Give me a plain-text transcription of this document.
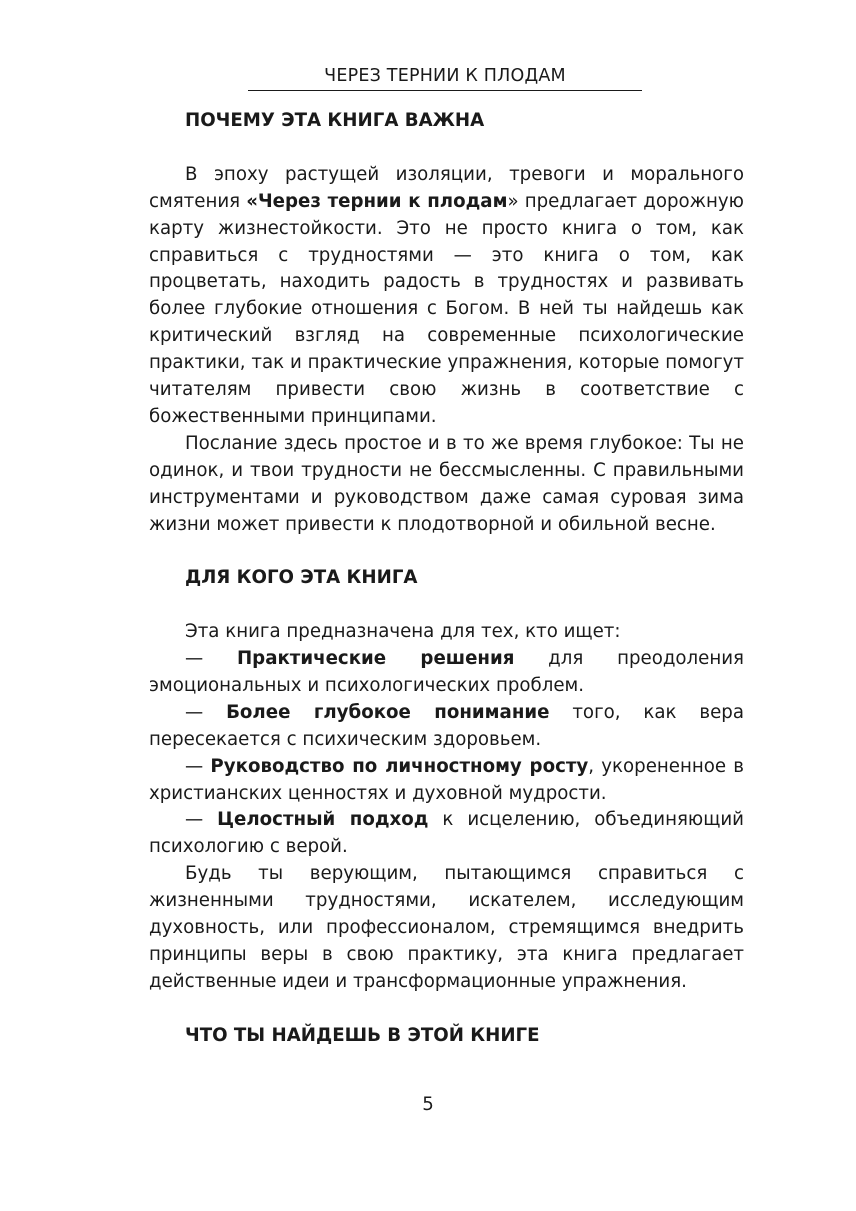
ЧЕРЕЗ ТЕРНИИ К ПЛОДАМ
ПОЧЕМУ ЭТА КНИГА ВАЖНА

В эпоху растущей изоляции, тревоги и морального смятения «Через тернии к плодам» предлагает дорожную карту жизнестойкости. Это не просто книга о том, как справиться с трудностями — это книга о том, как процветать, находить радость в трудностях и развивать более глубокие отношения с Богом. В ней ты найдешь как критический взгляд на современные психологические практики, так и практические упражнения, которые помогут читателям привести свою жизнь в соответствие с божественными принципами.

Послание здесь простое и в то же время глубокое: Ты не одинок, и твои трудности не бессмысленны. С правильными инструментами и руководством даже самая суровая зима жизни может привести к плодотворной и обильной весне.

ДЛЯ КОГО ЭТА КНИГА

Эта книга предназначена для тех, кто ищет:

— Практические решения для преодоления эмоциональных и психологических проблем.

— Более глубокое понимание того, как вера пересекается с психическим здоровьем.

— Руководство по личностному росту, укорененное в христианских ценностях и духовной мудрости.

— Целостный подход к исцелению, объединяющий психологию с верой.

Будь ты верующим, пытающимся справиться с жизненными трудностями, искателем, исследующим духовность, или профессионалом, стремящимся внедрить принципы веры в свою практику, эта книга предлагает действенные идеи и трансформационные упражнения.

ЧТО ТЫ НАЙДЕШЬ В ЭТОЙ КНИГЕ
5
